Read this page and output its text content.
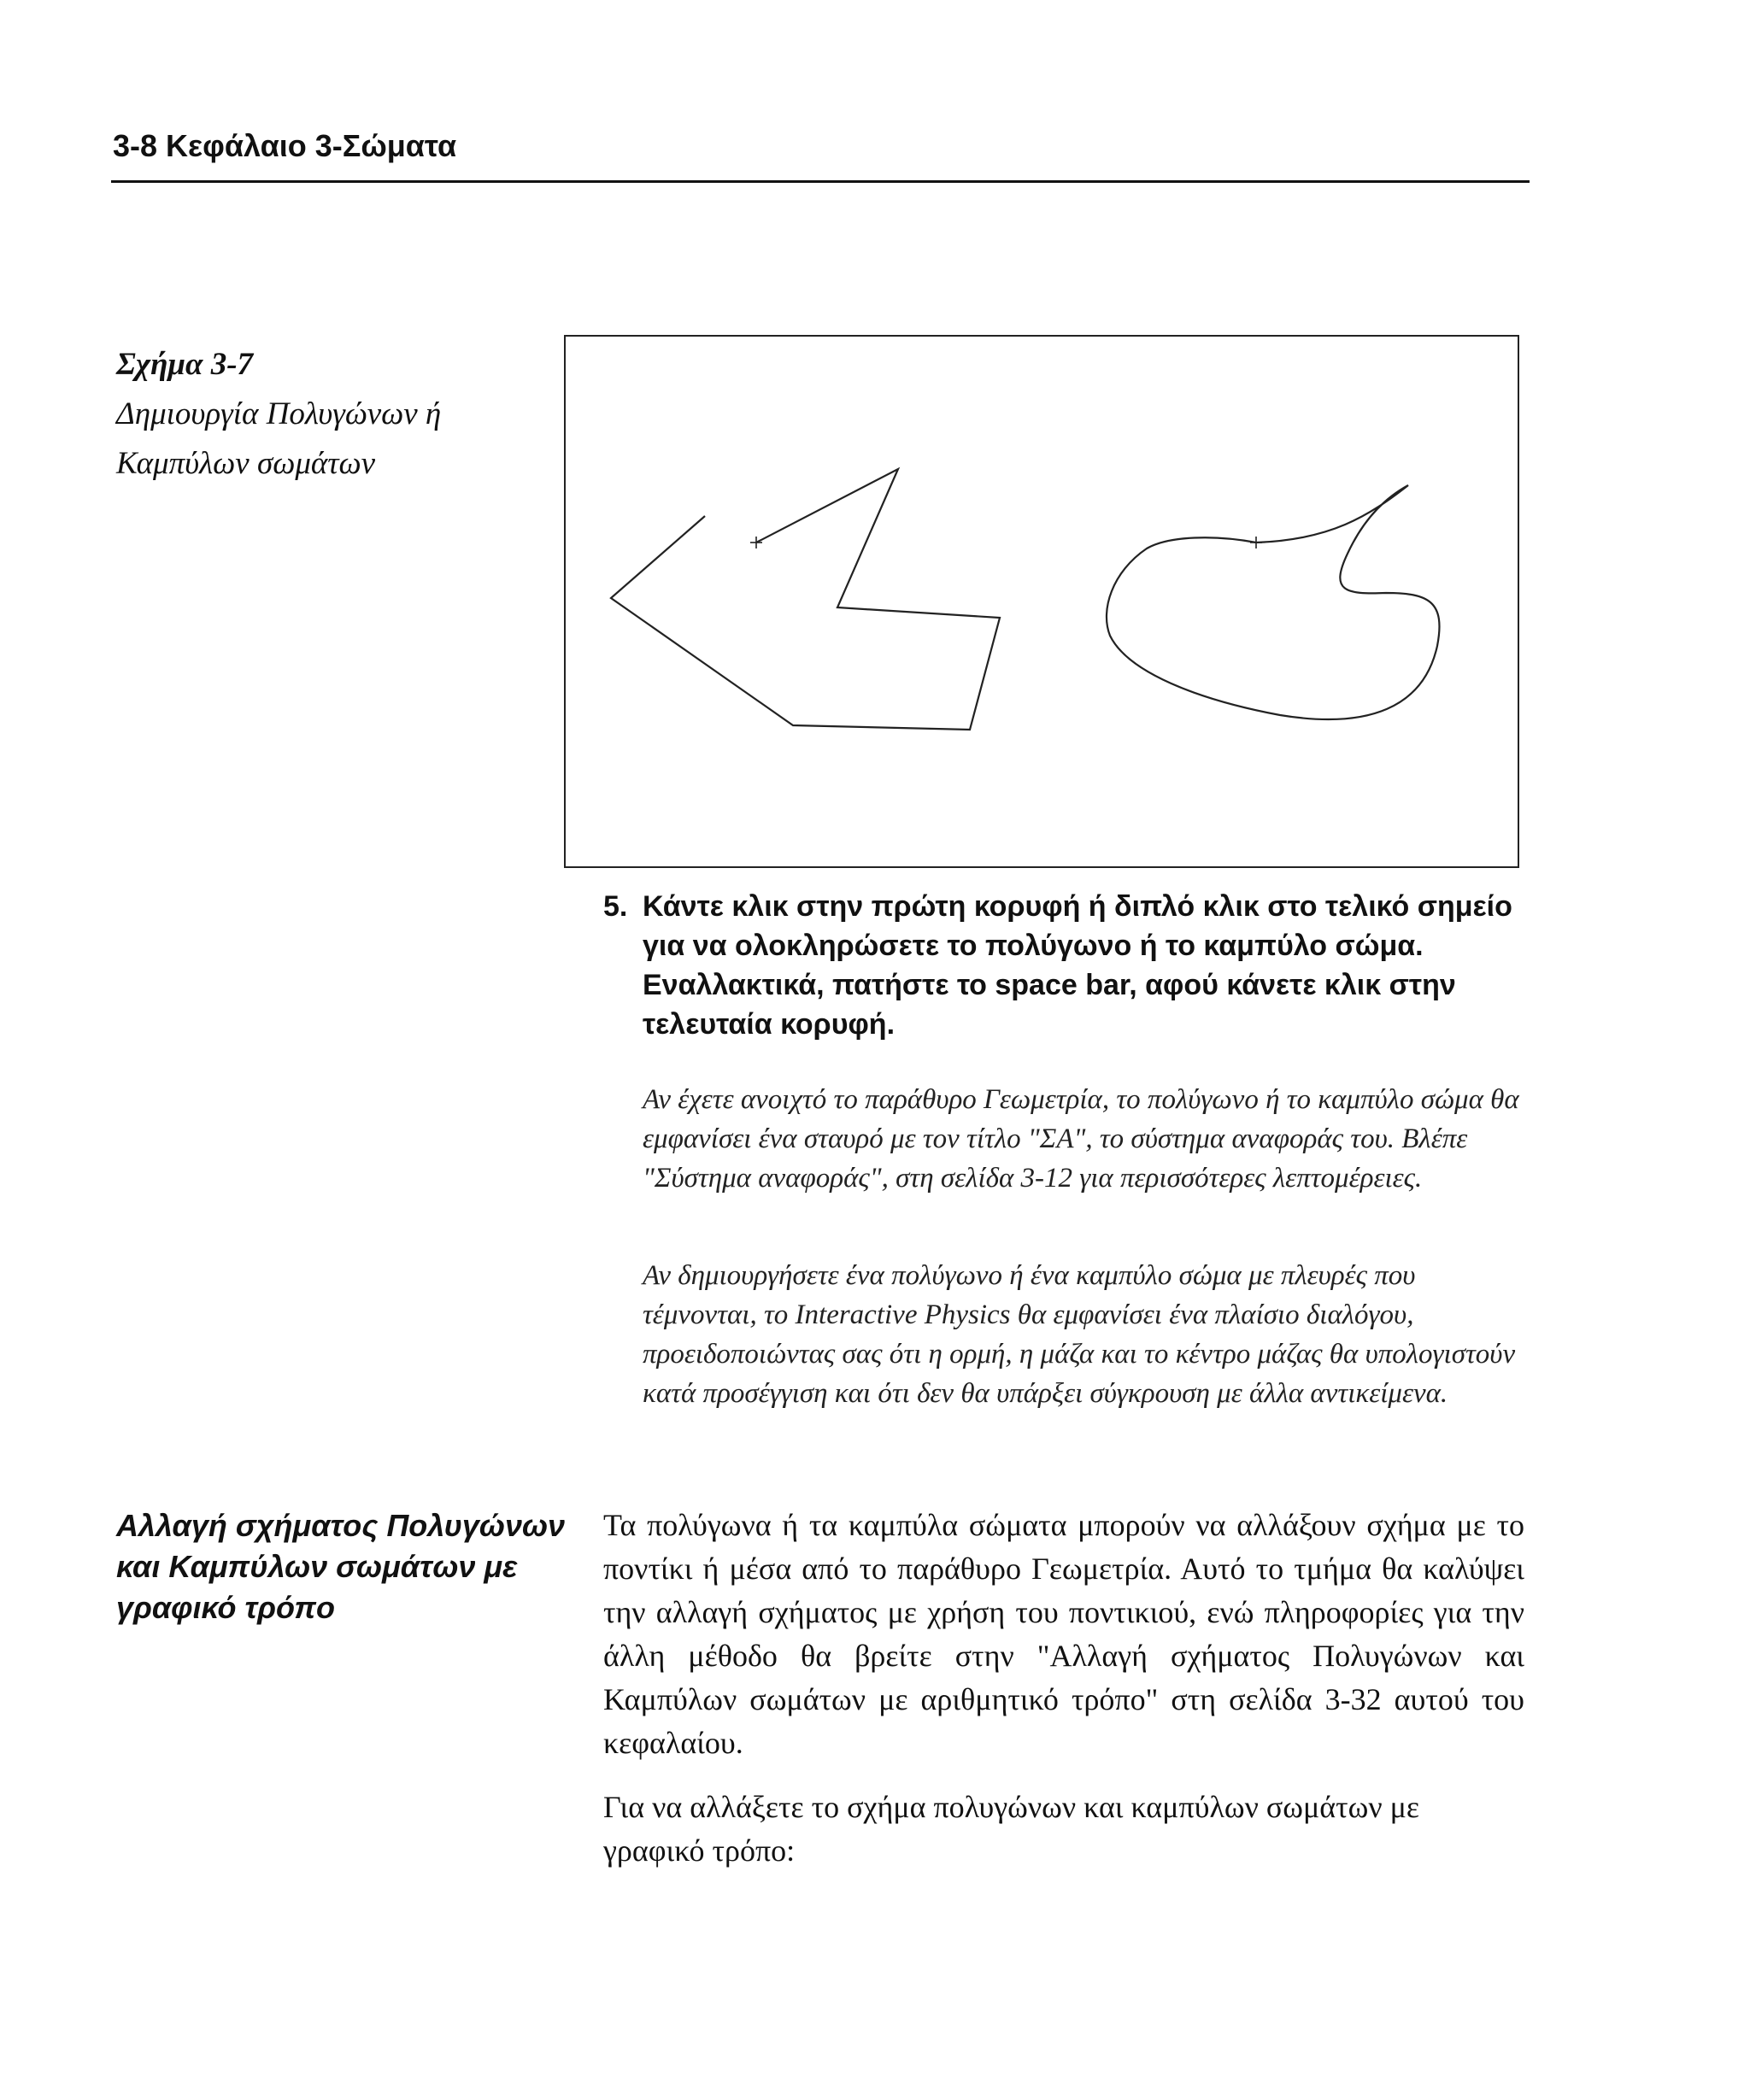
3-8 Κεφάλαιο 3-Σώματα
Σχήμα 3-7
Δημιουργία Πολυγώνων ή
Καμπύλων σωμάτων
5. Κάντε κλικ στην πρώτη κορυφή ή διπλό κλικ στο τελικό σημείο για να ολοκληρώσετε το πολύγωνο ή το καμπύλο σώμα. Εναλλακτικά, πατήστε το space bar, αφού κάνετε κλικ στην τελευταία κορυφή.
Αν έχετε ανοιχτό το παράθυρο Γεωμετρία, το πολύγωνο ή το καμπύλο σώμα θα εμφανίσει ένα σταυρό με τον τίτλο "ΣΑ", το σύστημα αναφοράς του. Βλέπε "Σύστημα αναφοράς", στη σελίδα 3-12 για περισσότερες λεπτομέρειες.
Αν δημιουργήσετε ένα πολύγωνο ή ένα καμπύλο σώμα με πλευρές που τέμνονται, το Interactive Physics θα εμφανίσει ένα πλαίσιο διαλόγου, προειδοποιώντας σας ότι η ορμή, η μάζα και το κέντρο μάζας θα υπολογιστούν κατά προσέγγιση και ότι δεν θα υπάρξει σύγκρουση με άλλα αντικείμενα.
Αλλαγή σχήματος Πολυγώνων και Καμπύλων σωμάτων με γραφικό τρόπο
Τα πολύγωνα ή τα καμπύλα σώματα μπορούν να αλλάξουν σχήμα με το ποντίκι ή μέσα από το παράθυρο Γεωμετρία. Αυτό το τμήμα θα καλύψει την αλλαγή σχήματος με χρήση του ποντικιού, ενώ πληροφορίες για την άλλη μέθοδο θα βρείτε στην "Αλλαγή σχήματος Πολυγώνων και Καμπύλων σωμάτων με αριθμητικό τρόπο" στη σελίδα 3-32 αυτού του κεφαλαίου.
Για να αλλάξετε το σχήμα πολυγώνων και καμπύλων σωμάτων με γραφικό τρόπο:
